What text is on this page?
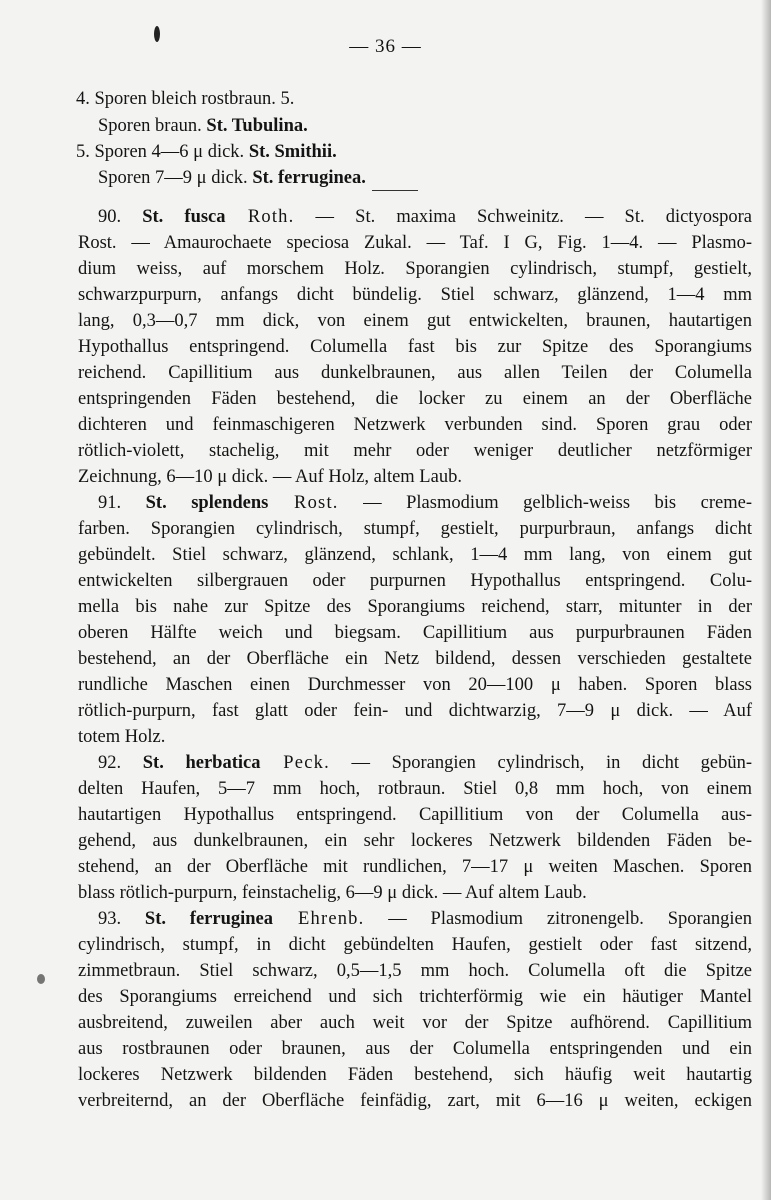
— 36 —
4. Sporen bleich rostbraun. 5.
Sporen braun. St. Tubulina.
5. Sporen 4—6 μ dick. St. Smithii.
Sporen 7—9 μ dick. St. ferruginea.
90. St. fusca Roth. — St. maxima Schweinitz. — St. dictyospora
Rost. — Amaurochaete speciosa Zukal. — Taf. I G, Fig. 1—4. — Plasmo-
dium weiss, auf morschem Holz. Sporangien cylindrisch, stumpf, gestielt,
schwarzpurpurn, anfangs dicht bündelig. Stiel schwarz, glänzend, 1—4 mm
lang, 0,3—0,7 mm dick, von einem gut entwickelten, braunen, hautartigen
Hypothallus entspringend. Columella fast bis zur Spitze des Sporangiums
reichend. Capillitium aus dunkelbraunen, aus allen Teilen der Columella
entspringenden Fäden bestehend, die locker zu einem an der Oberfläche
dichteren und feinmaschigeren Netzwerk verbunden sind. Sporen grau oder
rötlich-violett, stachelig, mit mehr oder weniger deutlicher netzförmiger
Zeichnung, 6—10 μ dick. — Auf Holz, altem Laub.
91. St. splendens Rost. — Plasmodium gelblich-weiss bis creme-
farben. Sporangien cylindrisch, stumpf, gestielt, purpurbraun, anfangs dicht
gebündelt. Stiel schwarz, glänzend, schlank, 1—4 mm lang, von einem gut
entwickelten silbergrauen oder purpurnen Hypothallus entspringend. Colu-
mella bis nahe zur Spitze des Sporangiums reichend, starr, mitunter in der
oberen Hälfte weich und biegsam. Capillitium aus purpurbraunen Fäden
bestehend, an der Oberfläche ein Netz bildend, dessen verschieden gestaltete
rundliche Maschen einen Durchmesser von 20—100 μ haben. Sporen blass
rötlich-purpurn, fast glatt oder fein- und dichtwarzig, 7—9 μ dick. — Auf
totem Holz.
92. St. herbatica Peck. — Sporangien cylindrisch, in dicht gebün-
delten Haufen, 5—7 mm hoch, rotbraun. Stiel 0,8 mm hoch, von einem
hautartigen Hypothallus entspringend. Capillitium von der Columella aus-
gehend, aus dunkelbraunen, ein sehr lockeres Netzwerk bildenden Fäden be-
stehend, an der Oberfläche mit rundlichen, 7—17 μ weiten Maschen. Sporen
blass rötlich-purpurn, feinstachelig, 6—9 μ dick. — Auf altem Laub.
93. St. ferruginea Ehrenb. — Plasmodium zitronengelb. Sporangien
cylindrisch, stumpf, in dicht gebündelten Haufen, gestielt oder fast sitzend,
zimmetbraun. Stiel schwarz, 0,5—1,5 mm hoch. Columella oft die Spitze
des Sporangiums erreichend und sich trichterförmig wie ein häutiger Mantel
ausbreitend, zuweilen aber auch weit vor der Spitze aufhörend. Capillitium
aus rostbraunen oder braunen, aus der Columella entspringenden und ein
lockeres Netzwerk bildenden Fäden bestehend, sich häufig weit hautartig
verbreiternd, an der Oberfläche feinfädig, zart, mit 6—16 μ weiten, eckigen
